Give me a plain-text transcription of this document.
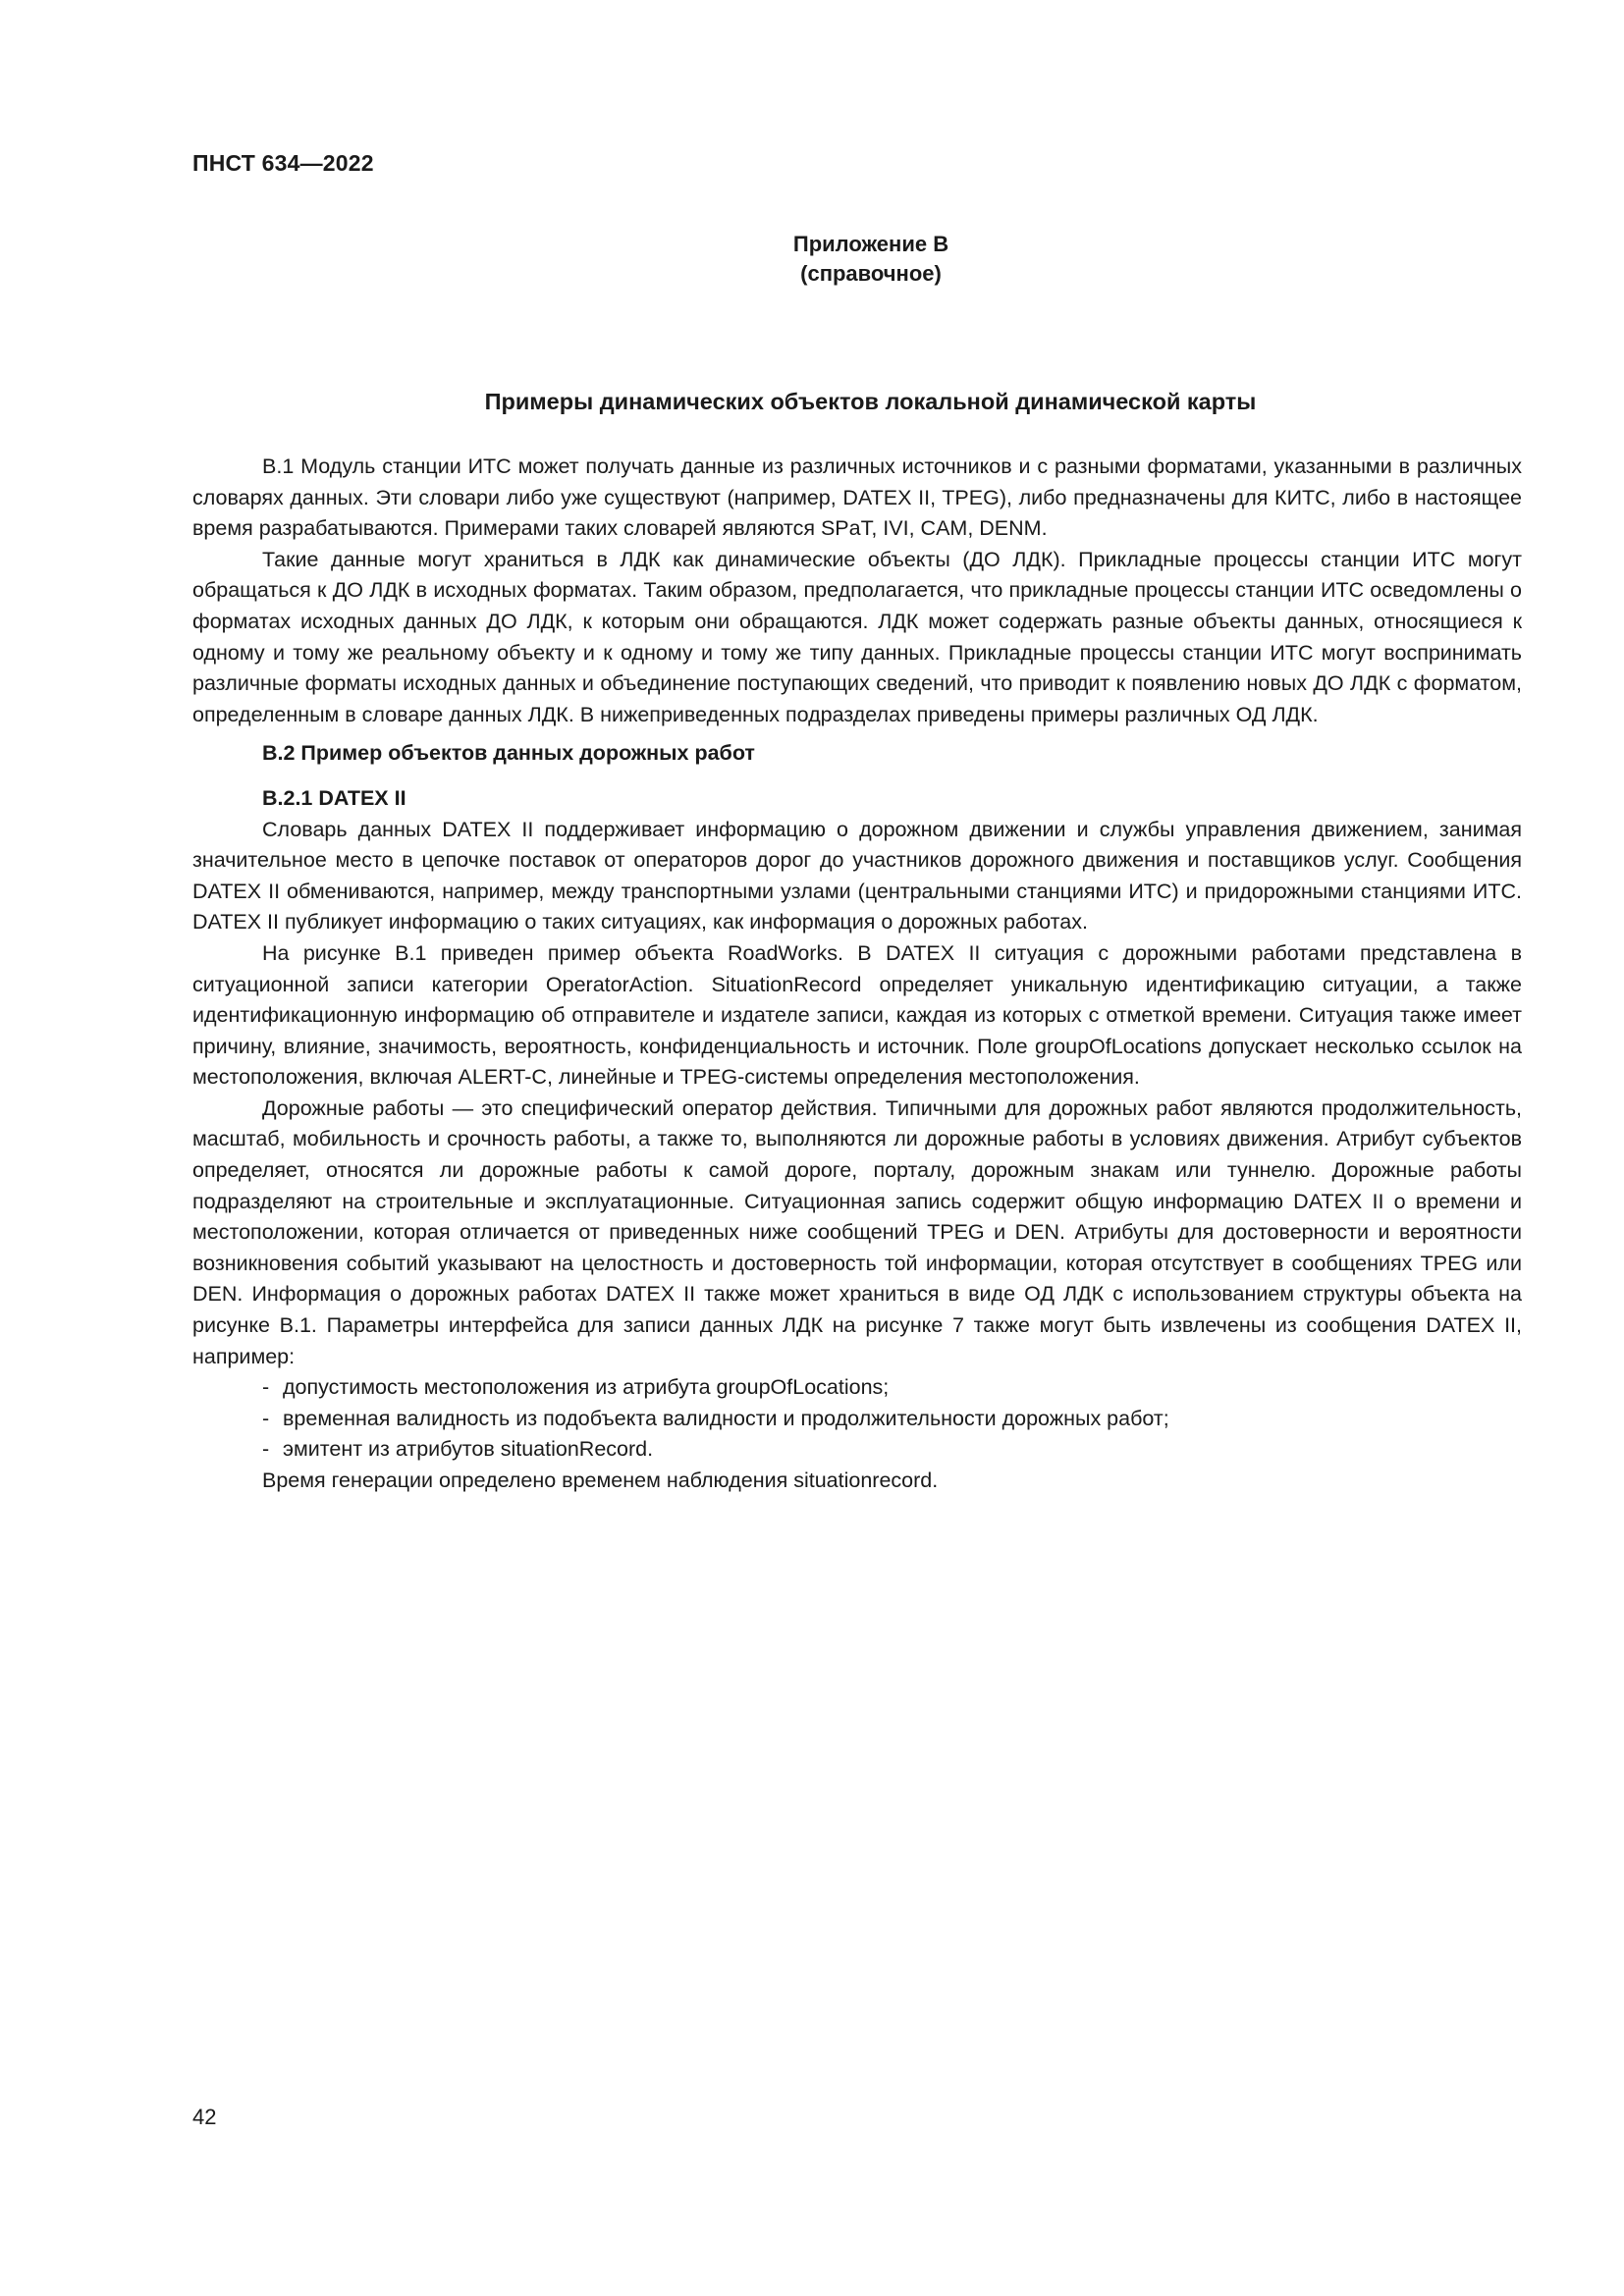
ПНСТ 634—2022
Приложение В
(справочное)
Примеры динамических объектов локальной динамической карты

В.1 Модуль станции ИТС может получать данные из различных источников и с разными форматами, указанными в различных словарях данных. Эти словари либо уже существуют (например, DATEX II, TPEG), либо предназначены для КИТС, либо в настоящее время разрабатываются. Примерами таких словарей являются SPaT, IVI, CAM, DENM.

Такие данные могут храниться в ЛДК как динамические объекты (ДО ЛДК). Прикладные процессы станции ИТС могут обращаться к ДО ЛДК в исходных форматах. Таким образом, предполагается, что прикладные процессы станции ИТС осведомлены о форматах исходных данных ДО ЛДК, к которым они обращаются. ЛДК может содержать разные объекты данных, относящиеся к одному и тому же реальному объекту и к одному и тому же типу данных. Прикладные процессы станции ИТС могут воспринимать различные форматы исходных данных и объединение поступающих сведений, что приводит к появлению новых ДО ЛДК с форматом, определенным в словаре данных ЛДК. В нижеприведенных подразделах приведены примеры различных ОД ЛДК.

В.2 Пример объектов данных дорожных работ
В.2.1 DATEX II

Словарь данных DATEX II поддерживает информацию о дорожном движении и службы управления движением, занимая значительное место в цепочке поставок от операторов дорог до участников дорожного движения и поставщиков услуг. Сообщения DATEX II обмениваются, например, между транспортными узлами (центральными станциями ИТС) и придорожными станциями ИТС. DATEX II публикует информацию о таких ситуациях, как информация о дорожных работах.

На рисунке В.1 приведен пример объекта RoadWorks. В DATEX II ситуация с дорожными работами представлена в ситуационной записи категории OperatorAction. SituationRecord определяет уникальную идентификацию ситуации, а также идентификационную информацию об отправителе и издателе записи, каждая из которых с отметкой времени. Ситуация также имеет причину, влияние, значимость, вероятность, конфиденциальность и источник. Поле groupOfLocations допускает несколько ссылок на местоположения, включая ALERT-C, линейные и TPEG-системы определения местоположения.

Дорожные работы — это специфический оператор действия. Типичными для дорожных работ являются продолжительность, масштаб, мобильность и срочность работы, а также то, выполняются ли дорожные работы в условиях движения. Атрибут субъектов определяет, относятся ли дорожные работы к самой дороге, порталу, дорожным знакам или туннелю. Дорожные работы подразделяют на строительные и эксплуатационные. Ситуационная запись содержит общую информацию DATEX II о времени и местоположении, которая отличается от приведенных ниже сообщений TPEG и DEN. Атрибуты для достоверности и вероятности возникновения событий указывают на целостность и достоверность той информации, которая отсутствует в сообщениях TPEG или DEN. Информация о дорожных работах DATEX II также может храниться в виде ОД ЛДК с использованием структуры объекта на рисунке В.1. Параметры интерфейса для записи данных ЛДК на рисунке 7 также могут быть извлечены из сообщения DATEX II, например:

- допустимость местоположения из атрибута groupOfLocations;
- временная валидность из подобъекта валидности и продолжительности дорожных работ;
- эмитент из атрибутов situationRecord.
Время генерации определено временем наблюдения situationrecord.
42
